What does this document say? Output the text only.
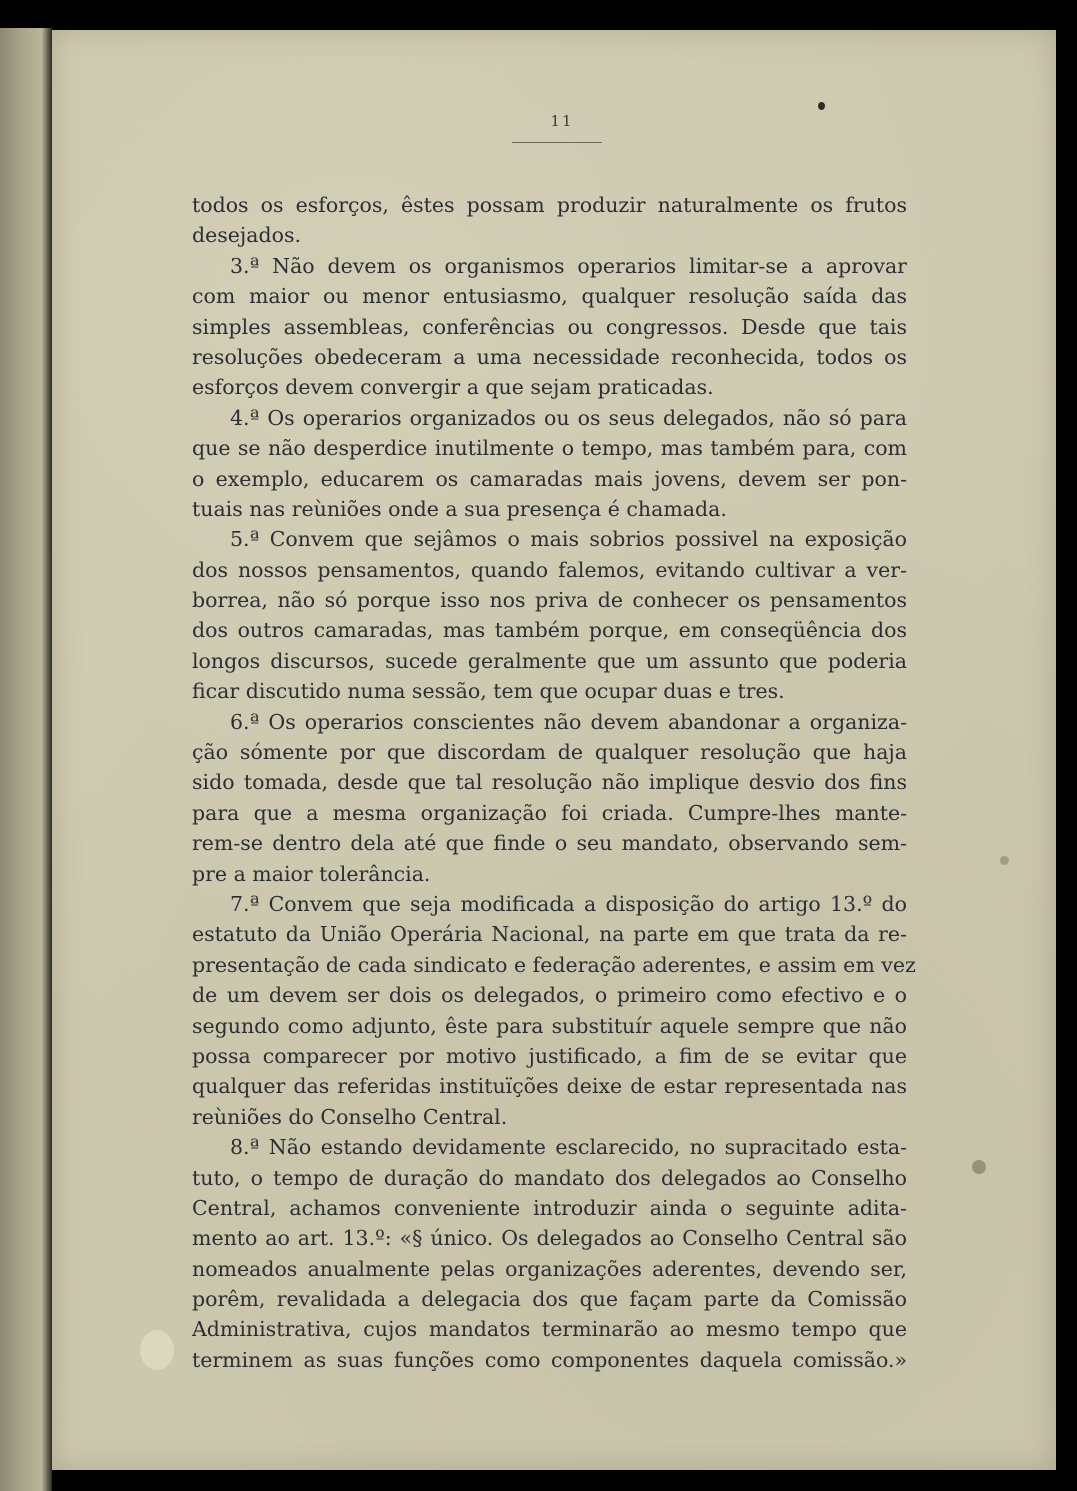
11
todos os esforços, êstes possam produzir naturalmente os frutos
desejados.
3.ª Não devem os organismos operarios limitar-se a aprovar
com maior ou menor entusiasmo, qualquer resolução saída das
simples assembleas, conferências ou congressos. Desde que tais
resoluções obedeceram a uma necessidade reconhecida, todos os
esforços devem convergir a que sejam praticadas.
4.ª Os operarios organizados ou os seus delegados, não só para
que se não desperdice inutilmente o tempo, mas também para, com
o exemplo, educarem os camaradas mais jovens, devem ser pon-
tuais nas reùniões onde a sua presença é chamada.
5.ª Convem que sejâmos o mais sobrios possivel na exposição
dos nossos pensamentos, quando falemos, evitando cultivar a ver-
borrea, não só porque isso nos priva de conhecer os pensamentos
dos outros camaradas, mas também porque, em conseqüência dos
longos discursos, sucede geralmente que um assunto que poderia
ficar discutido numa sessão, tem que ocupar duas e tres.
6.ª Os operarios conscientes não devem abandonar a organiza-
ção sómente por que discordam de qualquer resolução que haja
sido tomada, desde que tal resolução não implique desvio dos fins
para que a mesma organização foi criada. Cumpre-lhes mante-
rem-se dentro dela até que finde o seu mandato, observando sem-
pre a maior tolerância.
7.ª Convem que seja modificada a disposição do artigo 13.º do
estatuto da União Operária Nacional, na parte em que trata da re-
presentação de cada sindicato e federação aderentes, e assim em vez
de um devem ser dois os delegados, o primeiro como efectivo e o
segundo como adjunto, êste para substituír aquele sempre que não
possa comparecer por motivo justificado, a fim de se evitar que
qualquer das referidas instituïções deixe de estar representada nas
reùniões do Conselho Central.
8.ª Não estando devidamente esclarecido, no supracitado esta-
tuto, o tempo de duração do mandato dos delegados ao Conselho
Central, achamos conveniente introduzir ainda o seguinte adita-
mento ao art. 13.º: «§ único. Os delegados ao Conselho Central são
nomeados anualmente pelas organizações aderentes, devendo ser,
porêm, revalidada a delegacia dos que façam parte da Comissão
Administrativa, cujos mandatos terminarão ao mesmo tempo que
terminem as suas funções como componentes daquela comissão.»
